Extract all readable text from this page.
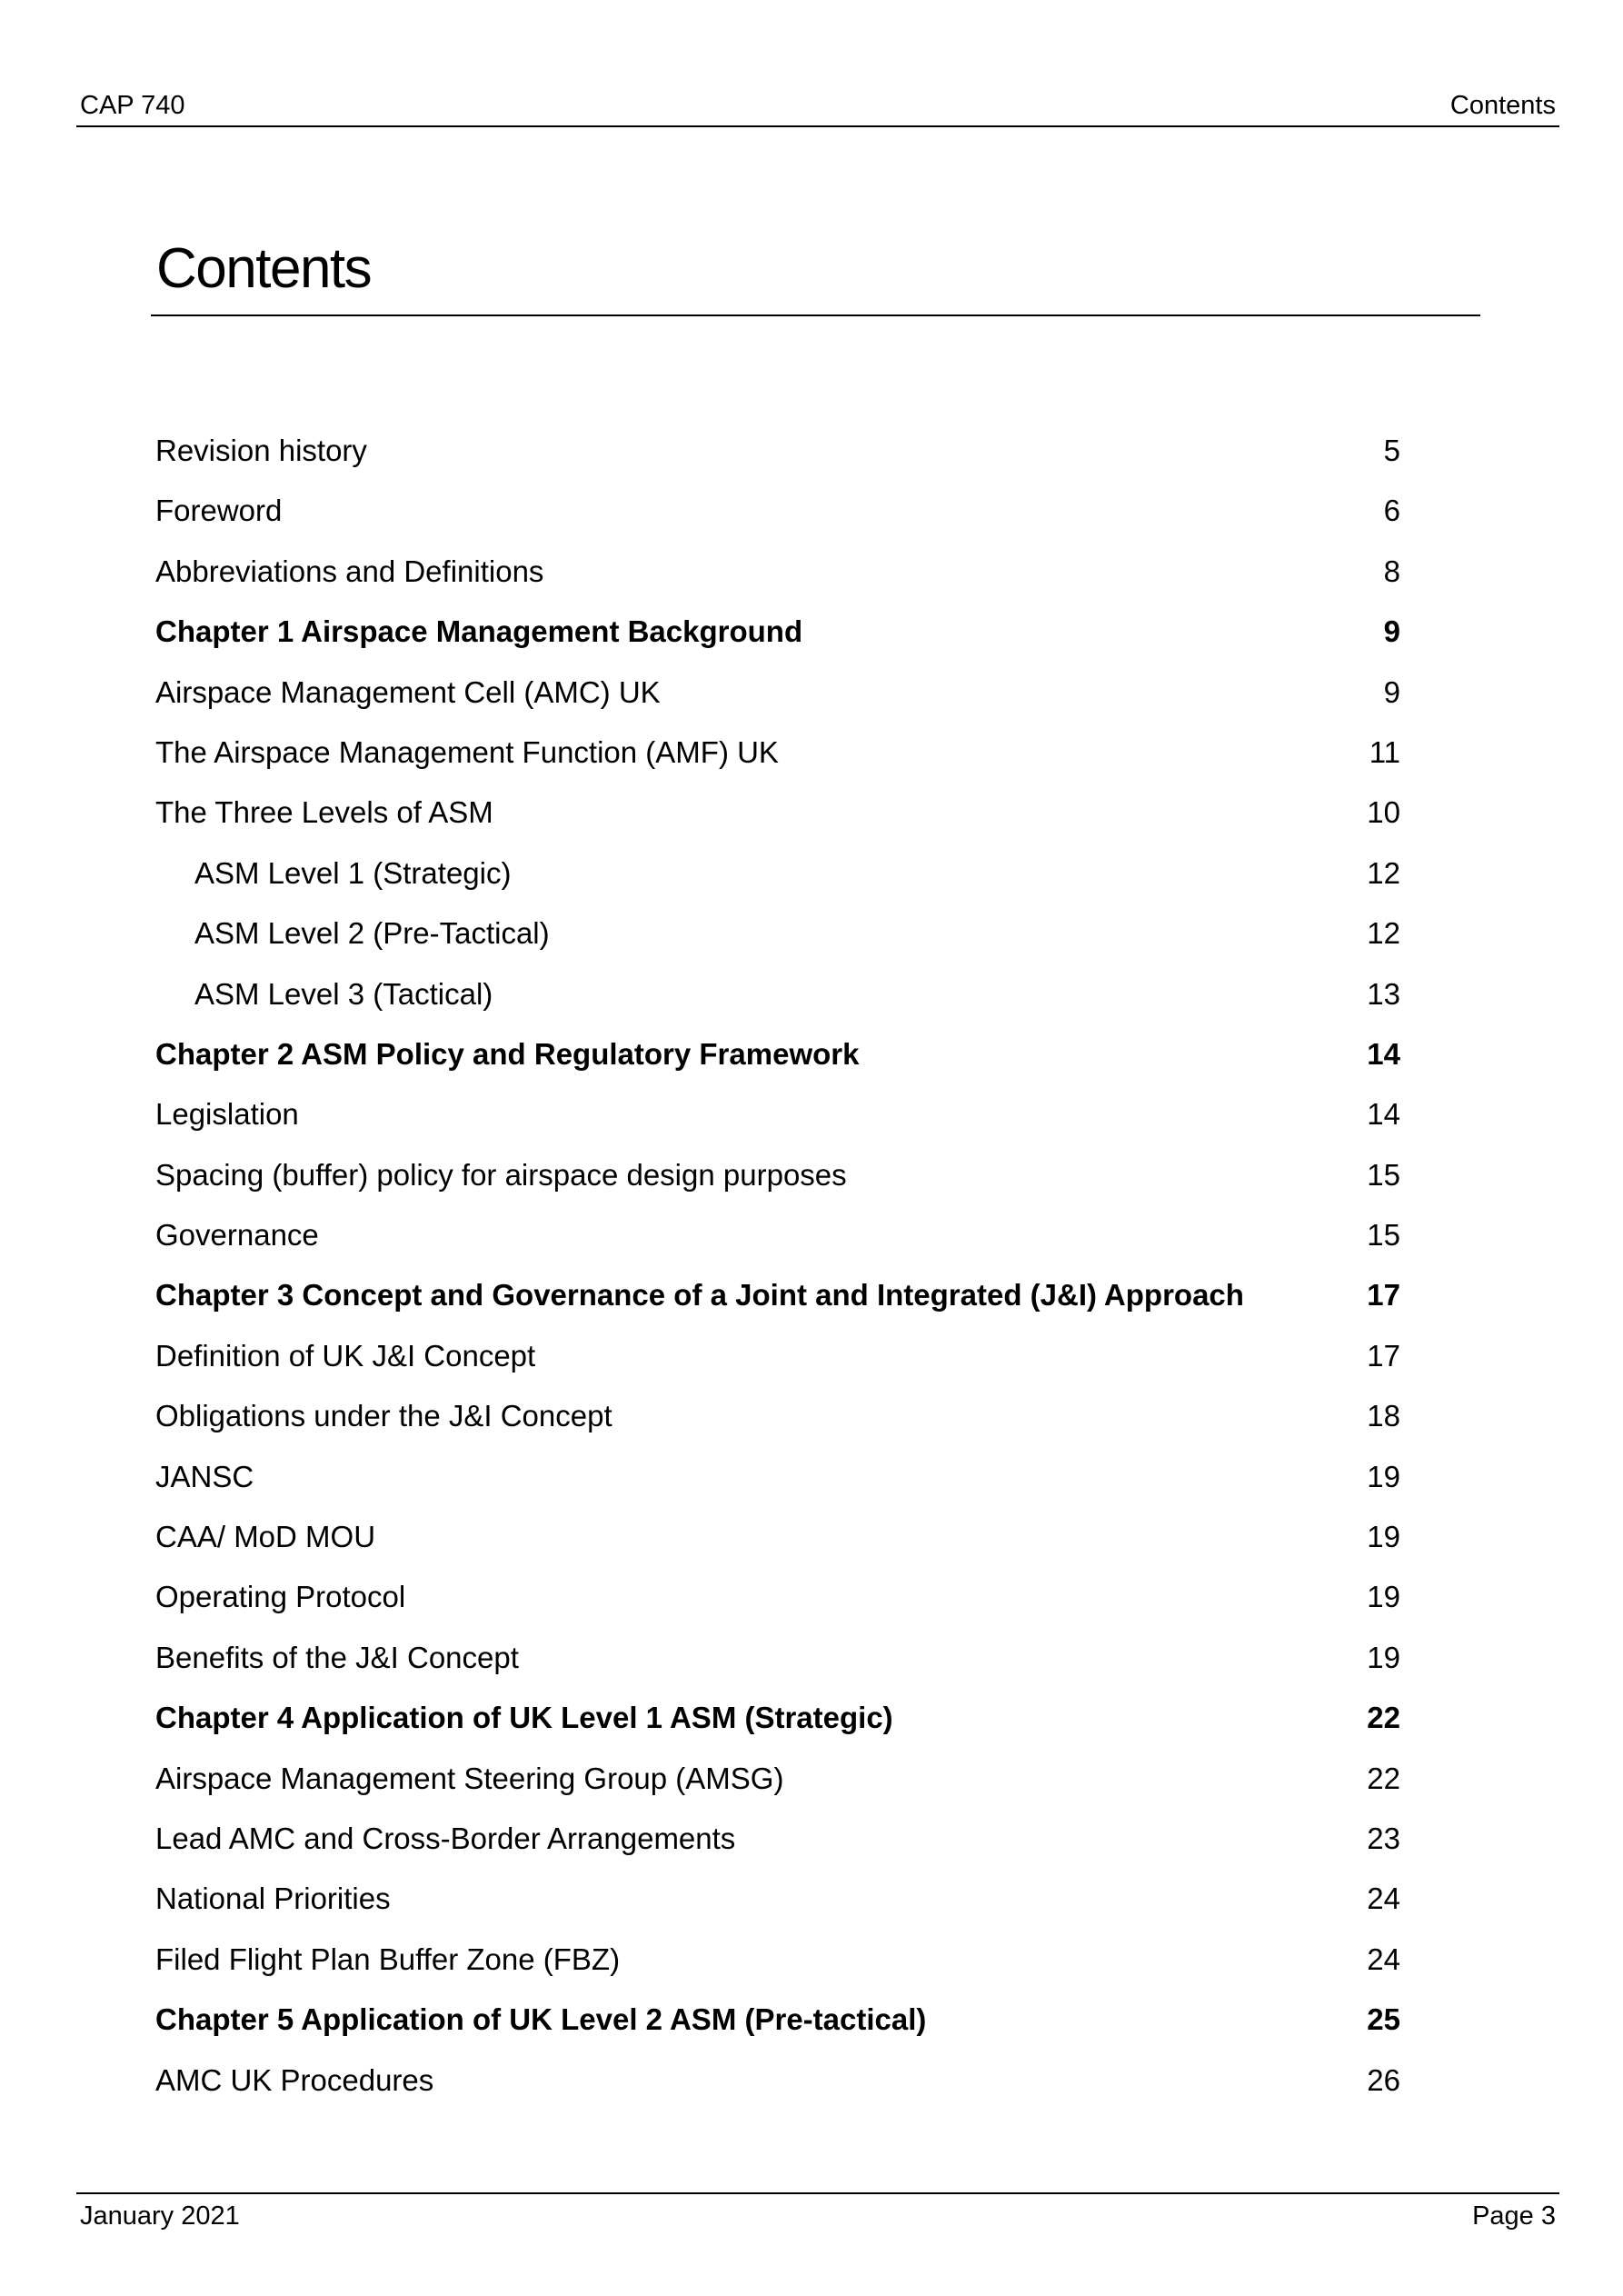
CAP 740	Contents
Contents
Revision history	5
Foreword	6
Abbreviations and Definitions	8
Chapter 1 Airspace Management Background	9
Airspace Management Cell (AMC) UK	9
The Airspace Management Function (AMF) UK	11
The Three Levels of ASM	10
ASM Level 1 (Strategic)	12
ASM Level 2 (Pre-Tactical)	12
ASM Level 3 (Tactical)	13
Chapter 2 ASM Policy and Regulatory Framework	14
Legislation	14
Spacing (buffer) policy for airspace design purposes	15
Governance	15
Chapter 3 Concept and Governance of a Joint and Integrated (J&I) Approach	17
Definition of UK J&I Concept	17
Obligations under the J&I Concept	18
JANSC	19
CAA/ MoD MOU	19
Operating Protocol	19
Benefits of the J&I Concept	19
Chapter 4 Application of UK Level 1 ASM (Strategic)	22
Airspace Management Steering Group (AMSG)	22
Lead AMC and Cross-Border Arrangements	23
National Priorities	24
Filed Flight Plan Buffer Zone (FBZ)	24
Chapter 5 Application of UK Level 2 ASM (Pre-tactical)	25
AMC UK Procedures	26
January 2021	Page 3
